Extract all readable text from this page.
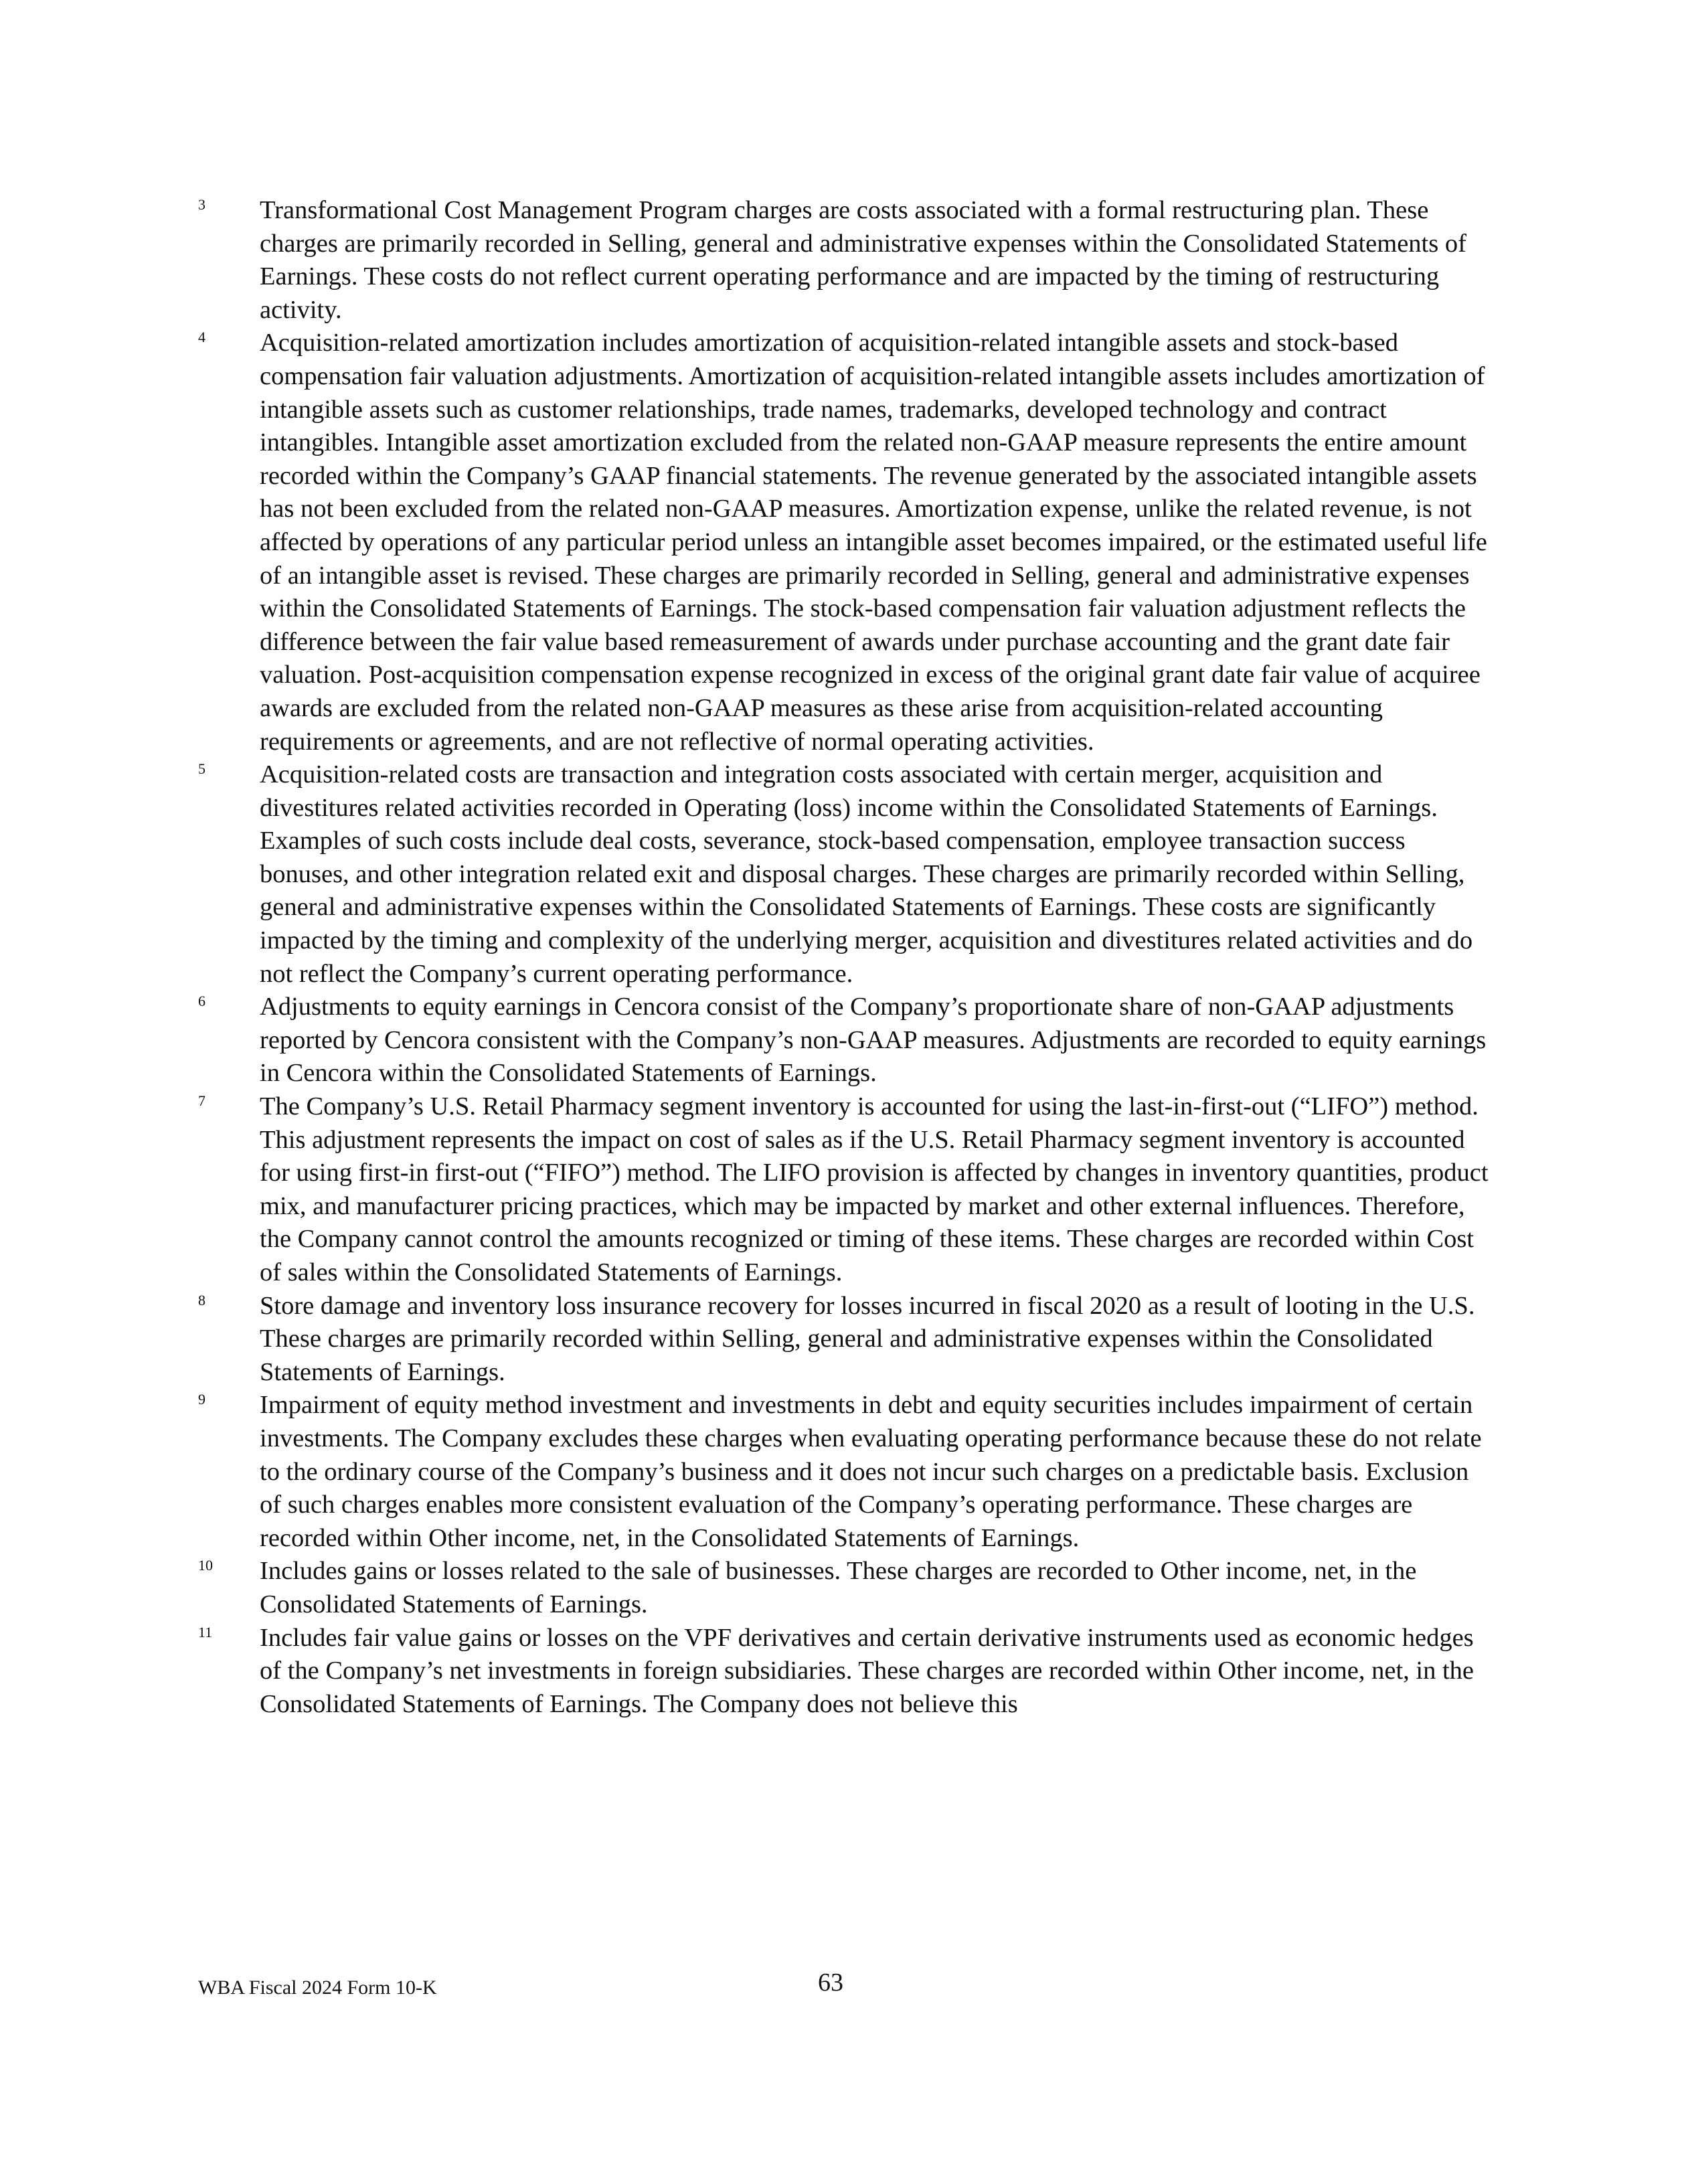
3 Transformational Cost Management Program charges are costs associated with a formal restructuring plan. These charges are primarily recorded in Selling, general and administrative expenses within the Consolidated Statements of Earnings. These costs do not reflect current operating performance and are impacted by the timing of restructuring activity.
4 Acquisition-related amortization includes amortization of acquisition-related intangible assets and stock-based compensation fair valuation adjustments. Amortization of acquisition-related intangible assets includes amortization of intangible assets such as customer relationships, trade names, trademarks, developed technology and contract intangibles. Intangible asset amortization excluded from the related non-GAAP measure represents the entire amount recorded within the Company’s GAAP financial statements. The revenue generated by the associated intangible assets has not been excluded from the related non-GAAP measures. Amortization expense, unlike the related revenue, is not affected by operations of any particular period unless an intangible asset becomes impaired, or the estimated useful life of an intangible asset is revised. These charges are primarily recorded in Selling, general and administrative expenses within the Consolidated Statements of Earnings. The stock-based compensation fair valuation adjustment reflects the difference between the fair value based remeasurement of awards under purchase accounting and the grant date fair valuation. Post-acquisition compensation expense recognized in excess of the original grant date fair value of acquiree awards are excluded from the related non-GAAP measures as these arise from acquisition-related accounting requirements or agreements, and are not reflective of normal operating activities.
5 Acquisition-related costs are transaction and integration costs associated with certain merger, acquisition and divestitures related activities recorded in Operating (loss) income within the Consolidated Statements of Earnings. Examples of such costs include deal costs, severance, stock-based compensation, employee transaction success bonuses, and other integration related exit and disposal charges. These charges are primarily recorded within Selling, general and administrative expenses within the Consolidated Statements of Earnings. These costs are significantly impacted by the timing and complexity of the underlying merger, acquisition and divestitures related activities and do not reflect the Company’s current operating performance.
6 Adjustments to equity earnings in Cencora consist of the Company’s proportionate share of non-GAAP adjustments reported by Cencora consistent with the Company’s non-GAAP measures. Adjustments are recorded to equity earnings in Cencora within the Consolidated Statements of Earnings.
7 The Company’s U.S. Retail Pharmacy segment inventory is accounted for using the last-in-first-out (“LIFO”) method. This adjustment represents the impact on cost of sales as if the U.S. Retail Pharmacy segment inventory is accounted for using first-in first-out (“FIFO”) method. The LIFO provision is affected by changes in inventory quantities, product mix, and manufacturer pricing practices, which may be impacted by market and other external influences. Therefore, the Company cannot control the amounts recognized or timing of these items. These charges are recorded within Cost of sales within the Consolidated Statements of Earnings.
8 Store damage and inventory loss insurance recovery for losses incurred in fiscal 2020 as a result of looting in the U.S. These charges are primarily recorded within Selling, general and administrative expenses within the Consolidated Statements of Earnings.
9 Impairment of equity method investment and investments in debt and equity securities includes impairment of certain investments. The Company excludes these charges when evaluating operating performance because these do not relate to the ordinary course of the Company’s business and it does not incur such charges on a predictable basis. Exclusion of such charges enables more consistent evaluation of the Company’s operating performance. These charges are recorded within Other income, net, in the Consolidated Statements of Earnings.
10 Includes gains or losses related to the sale of businesses. These charges are recorded to Other income, net, in the Consolidated Statements of Earnings.
11 Includes fair value gains or losses on the VPF derivatives and certain derivative instruments used as economic hedges of the Company’s net investments in foreign subsidiaries. These charges are recorded within Other income, net, in the Consolidated Statements of Earnings. The Company does not believe this
WBA Fiscal 2024 Form 10-K	63
